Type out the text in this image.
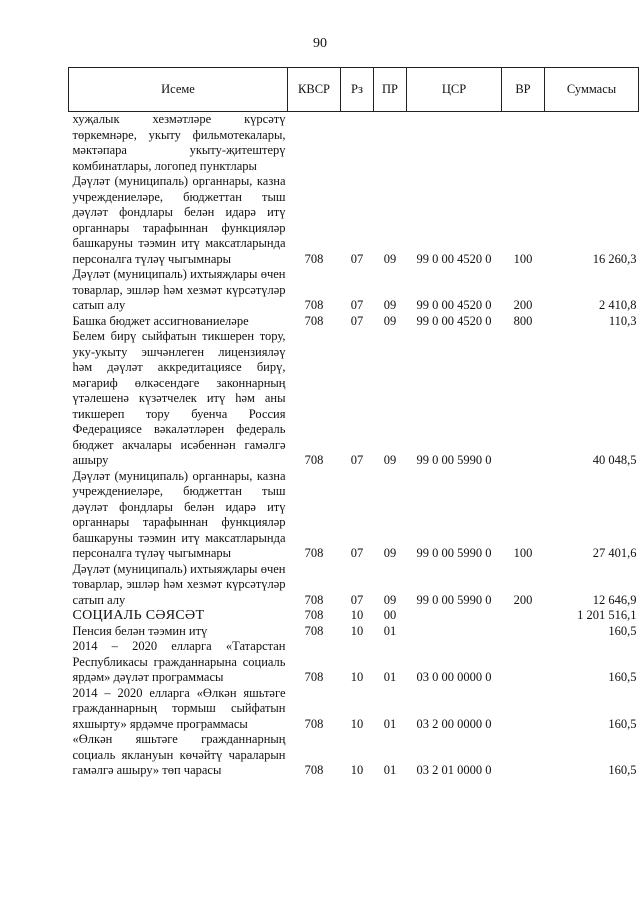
90
Исеме	КВСР	Рз	ПР	ЦСР	ВР	Суммасы
хуҗалык хезмәтләре күрсәтү төркемнәре, укыту фильмотекалары, мәктәпара укыту-җитештерү комбинатлары, логопед пунктлары						
Дәүләт (муниципаль) органнары, казна учреждениеләре, бюджеттан тыш дәүләт фондлары белән идарә итү органнары тарафыннан функцияләр башкаруны тәэмин итү максатларында персоналга түләү чыгымнары	708	07	09	99 0 00 4520 0	100	16 260,3
Дәүләт (муниципаль) ихтыяҗлары өчен товарлар, эшләр һәм хезмәт күрсәтүләр сатып алу	708	07	09	99 0 00 4520 0	200	2 410,8
Башка бюджет ассигнованиеләре	708	07	09	99 0 00 4520 0	800	110,3
Белем бирү сыйфатын тикшерен тору, уку-укыту эшчәнлеген лицензияләү һәм дәүләт аккредитациясе бирү, мәгариф өлкәсендәге законнарның үтәлешенә күзәтчелек итү һәм аны тикшереп тору буенча Россия Федерациясе вәкаләтләрен федераль бюджет акчалары исәбеннән гамәлгә ашыру	708	07	09	99 0 00 5990 0		40 048,5
Дәүләт (муниципаль) органнары, казна учреждениеләре, бюджеттан тыш дәүләт фондлары белән идарә итү органнары тарафыннан функцияләр башкаруны тәэмин итү максатларында персоналга түләү чыгымнары	708	07	09	99 0 00 5990 0	100	27 401,6
Дәүләт (муниципаль) ихтыяҗлары өчен товарлар, эшләр һәм хезмәт күрсәтүләр сатып алу	708	07	09	99 0 00 5990 0	200	12 646,9
СОЦИАЛЬ СӘЯСӘТ	708	10	00			1 201 516,1
Пенсия белән тәэмин итү	708	10	01			160,5
2014 – 2020 елларга «Татарстан Республикасы гражданнарына социаль ярдәм» дәүләт программасы	708	10	01	03 0 00 0000 0		160,5
2014 – 2020 елларга «Өлкән яшьтәге гражданнарның тормыш сыйфатын яхшырту» ярдәмче программасы	708	10	01	03 2 00 0000 0		160,5
«Өлкән яшьтәге гражданнарның социаль яклануын көчәйтү чараларын гамәлгә ашыру» төп чарасы	708	10	01	03 2 01 0000 0		160,5
